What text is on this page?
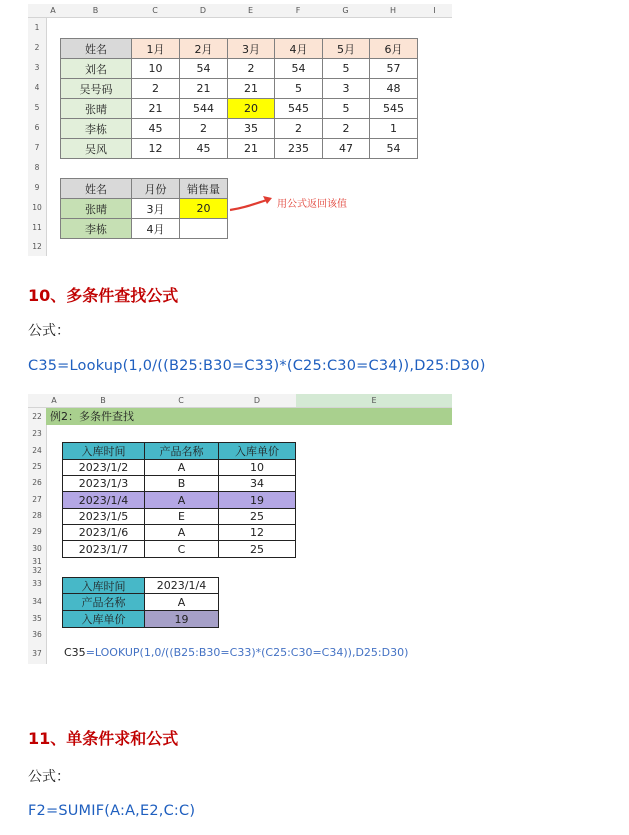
A	B	C	D	E	F	G	H	I
1
2
3
4
5
6
7
8
9
10
11
12
姓名	1月	2月	3月	4月	5月	6月
刘名	10	54	2	54	5	57
吴号码	2	21	21	5	3	48
张晴	21	544	20	545	5	545
李栋	45	2	35	2	2	1
吴风	12	45	21	235	47	54
姓名	月份	销售量
张晴	3月	20
李栋	4月
用公式返回该值
10、多条件查找公式
公式：
C35=Lookup(1,0/((B25:B30=C33)*(C25:C30=C34)),D25:D30)
A	B	C	D	E
22
23
24
25
26
27
28
29
30
31
32
33
34
35
36
37
例2：多条件查找
入库时间	产品名称	入库单价
2023/1/2	A	10
2023/1/3	B	34
2023/1/4	A	19
2023/1/5	E	25
2023/1/6	A	12
2023/1/7	C	25
入库时间	2023/1/4
产品名称	A
入库单价	19
C35=LOOKUP(1,0/((B25:B30=C33)*(C25:C30=C34)),D25:D30)
11、单条件求和公式
公式：
F2=SUMIF(A:A,E2,C:C)
